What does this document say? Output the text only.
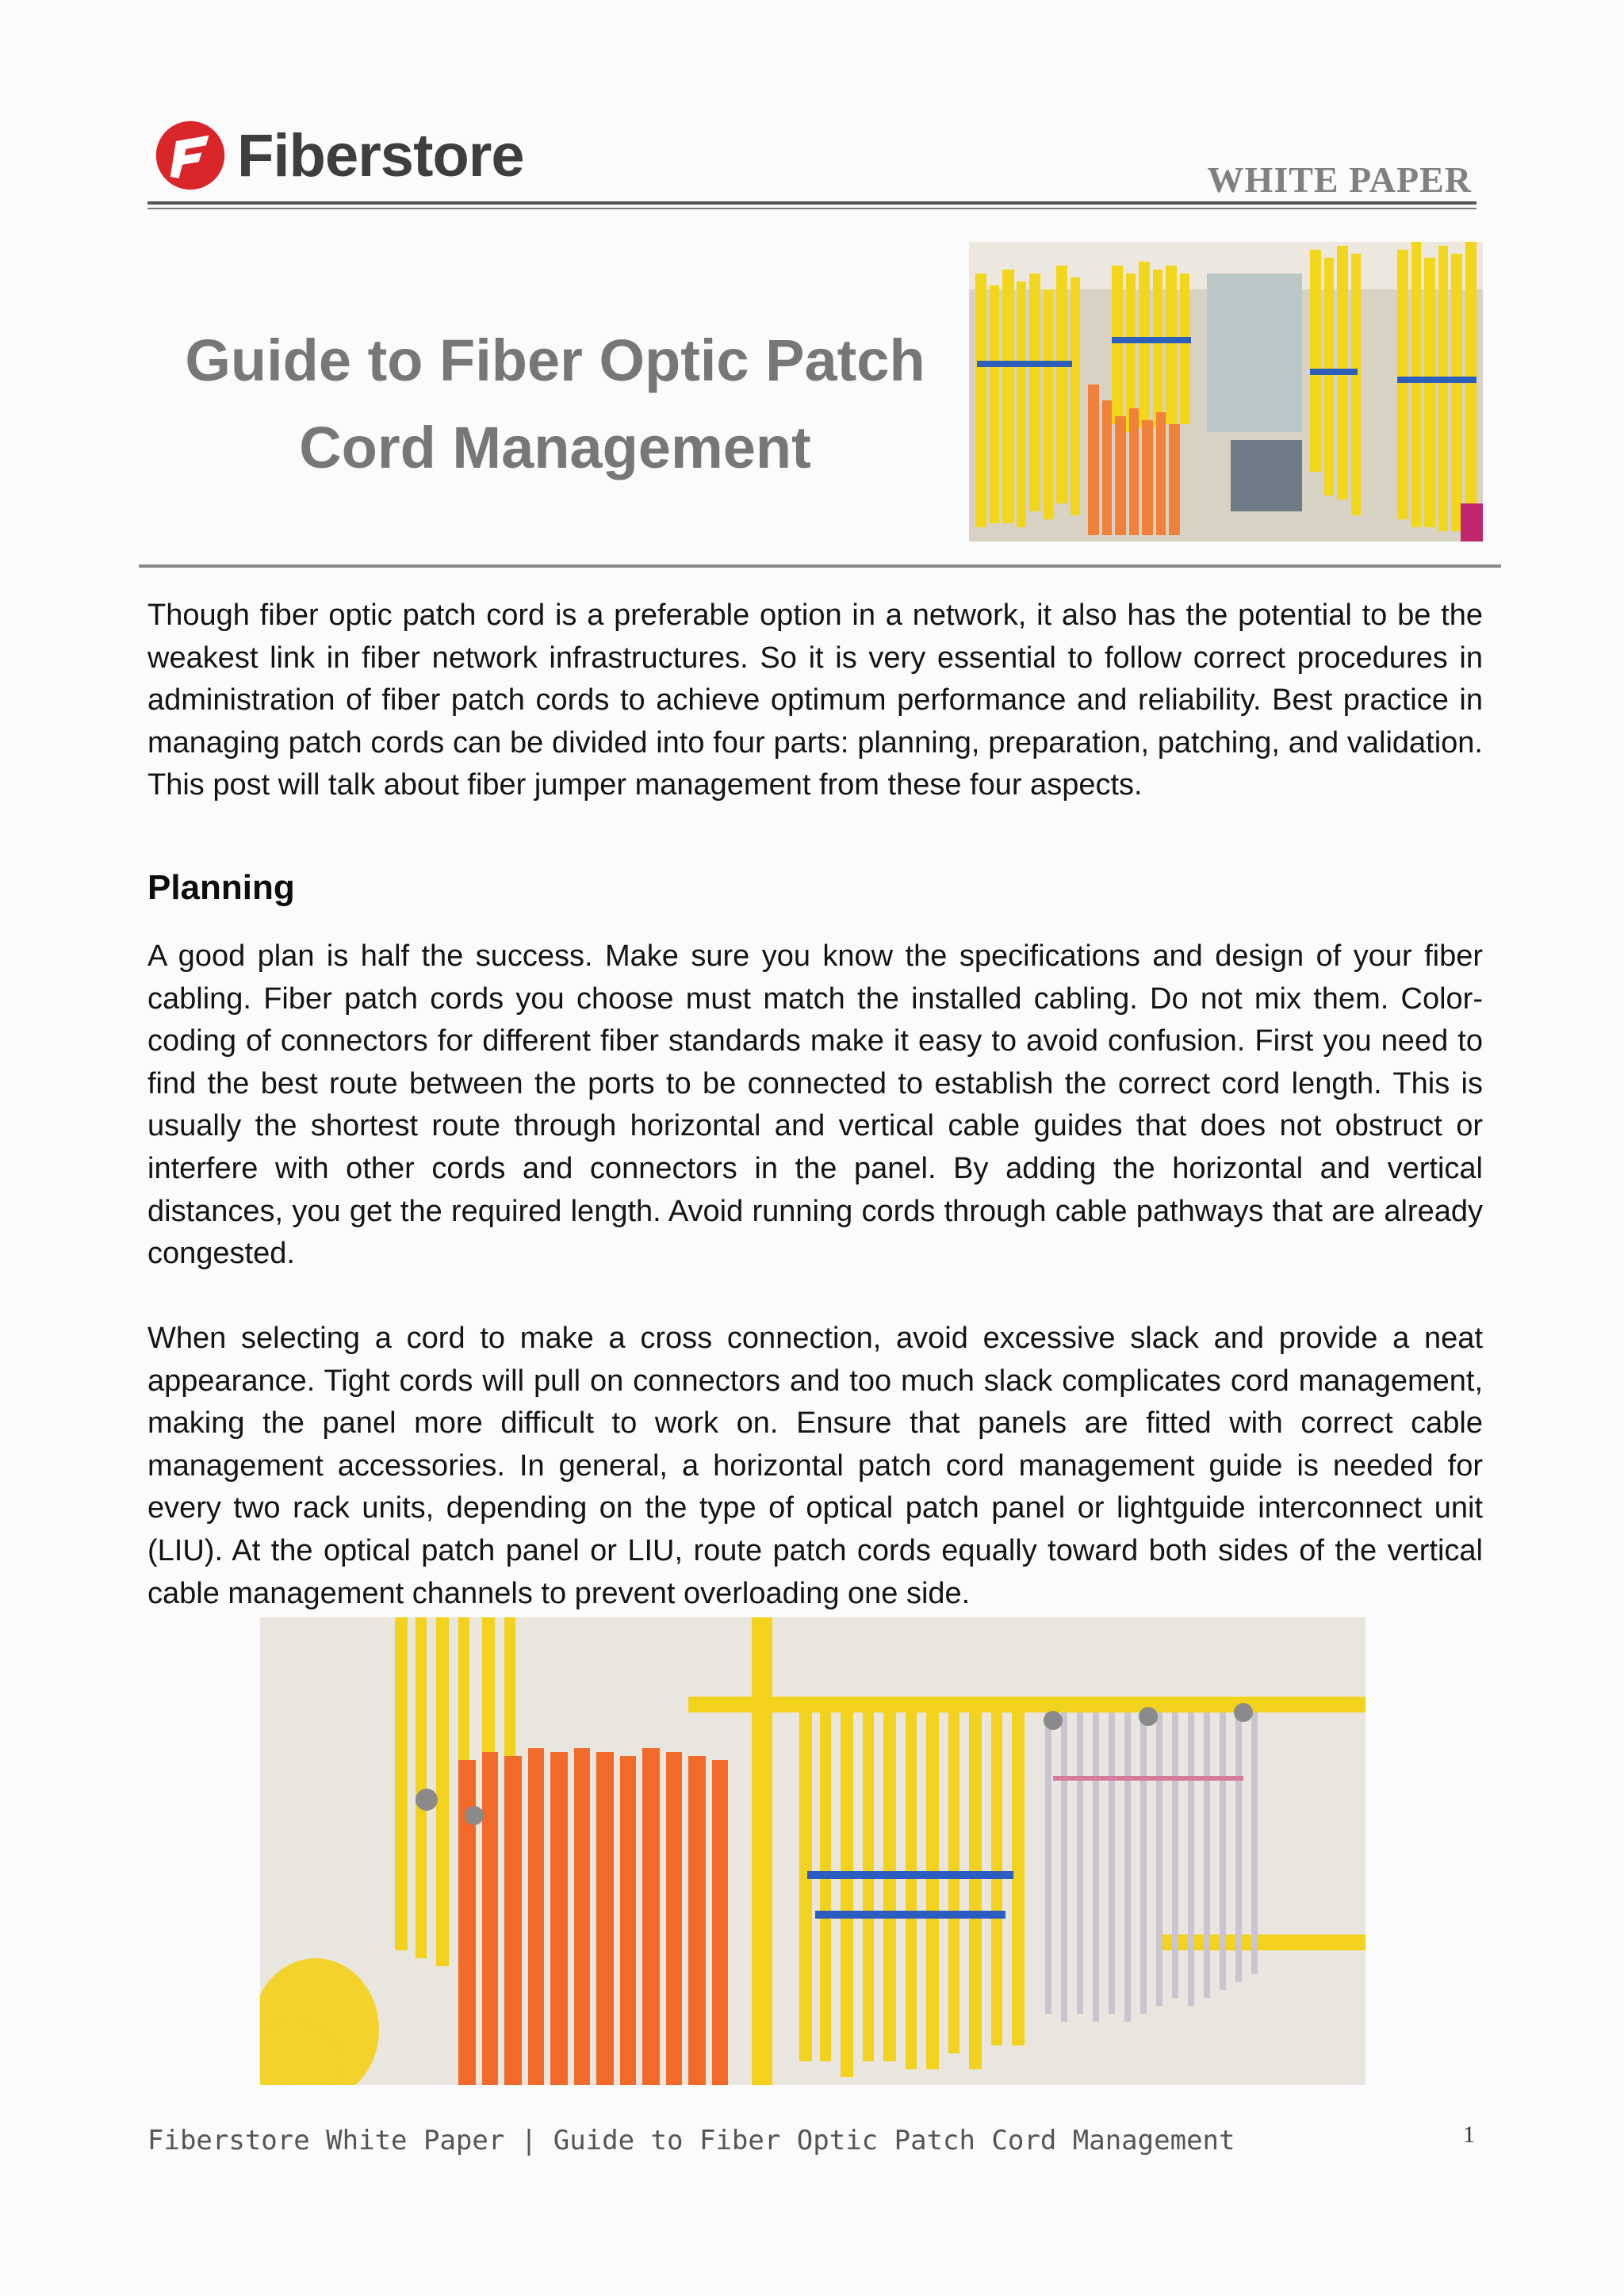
Fiberstore	WHITE PAPER
Guide to Fiber Optic Patch
Cord Management

Though fiber optic patch cord is a preferable option in a network, it also has the potential to be the weakest link in fiber network infrastructures. So it is very essential to follow correct procedures in administration of fiber patch cords to achieve optimum performance and reliability. Best practice in managing patch cords can be divided into four parts: planning, preparation, patching, and validation. This post will talk about fiber jumper management from these four aspects.

Planning

A good plan is half the success. Make sure you know the specifications and design of your fiber cabling. Fiber patch cords you choose must match the installed cabling. Do not mix them. Color-coding of connectors for different fiber standards make it easy to avoid confusion. First you need to find the best route between the ports to be connected to establish the correct cord length. This is usually the shortest route through horizontal and vertical cable guides that does not obstruct or interfere with other cords and connectors in the panel. By adding the horizontal and vertical distances, you get the required length. Avoid running cords through cable pathways that are already congested.

When selecting a cord to make a cross connection, avoid excessive slack and provide a neat appearance. Tight cords will pull on connectors and too much slack complicates cord management, making the panel more difficult to work on. Ensure that panels are fitted with correct cable management accessories. In general, a horizontal patch cord management guide is needed for every two rack units, depending on the type of optical patch panel or lightguide interconnect unit (LIU). At the optical patch panel or LIU, route patch cords equally toward both sides of the vertical cable management channels to prevent overloading one side.

Fiberstore White Paper | Guide to Fiber Optic Patch Cord Management	1
